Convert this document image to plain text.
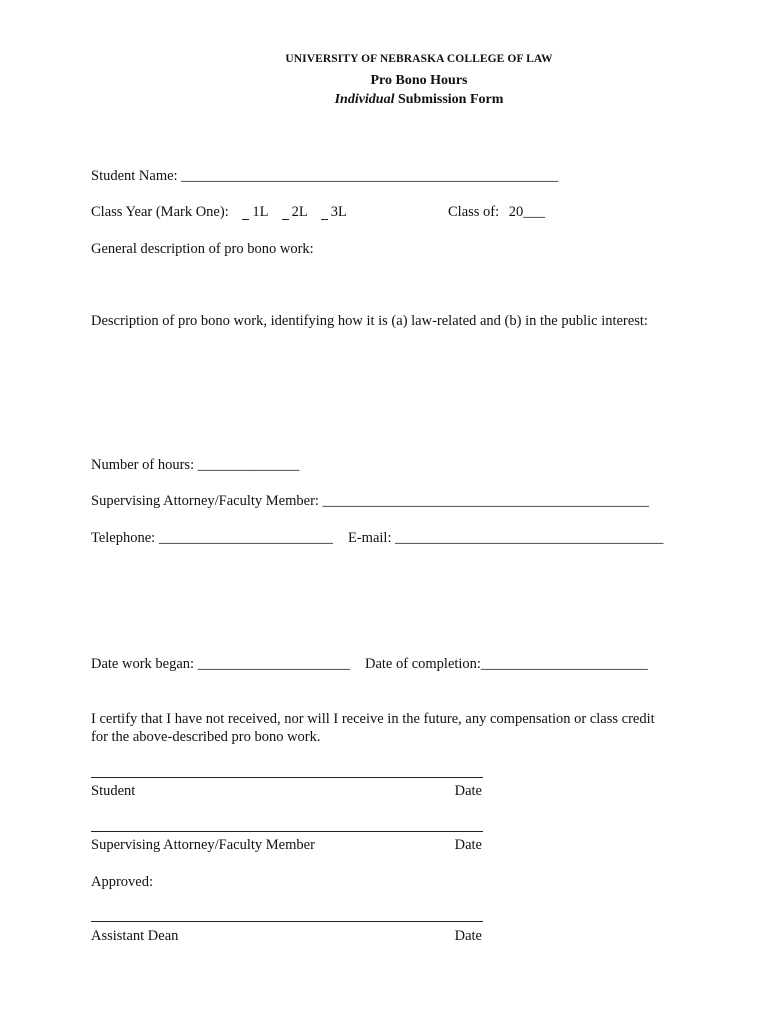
UNIVERSITY OF NEBRASKA COLLEGE OF LAW
Pro Bono Hours
Individual Submission Form
Student Name: ____________________________________________________
Class Year (Mark One): 1L 2L 3L	Class of: 20___
General description of pro bono work:
Description of pro bono work, identifying how it is (a) law-related and (b) in the public interest:
Number of hours: ______________
Supervising Attorney/Faculty Member: _____________________________________________
Telephone: ________________________ E-mail: _____________________________________
Date work began: _____________________ Date of completion:_______________________
I certify that I have not received, nor will I receive in the future, any compensation or class credit
for the above-described pro bono work.
Student	Date
Supervising Attorney/Faculty Member	Date
Approved:
Assistant Dean	Date
